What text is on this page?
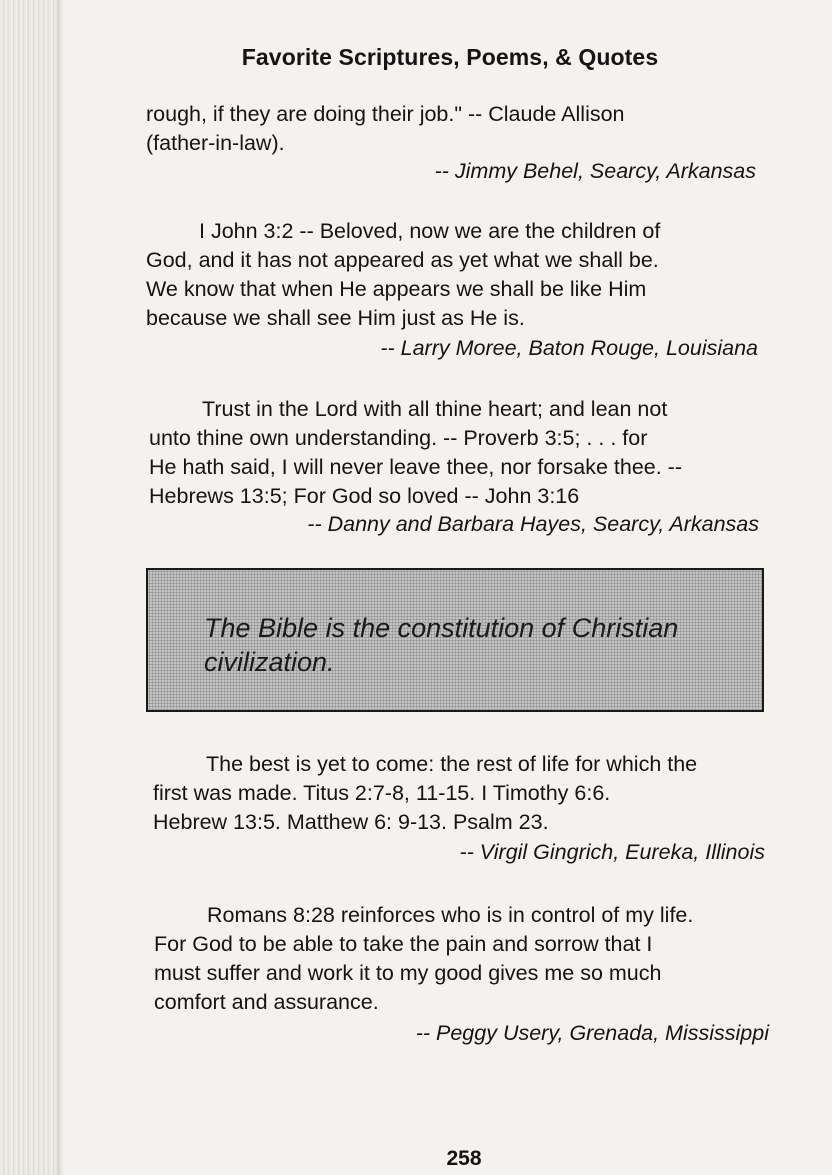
Favorite Scriptures, Poems, & Quotes

rough, if they are doing their job." -- Claude Allison
(father-in-law).

-- Jimmy Behel, Searcy, Arkansas

I John 3:2 -- Beloved, now we are the children of
God, and it has not appeared as yet what we shall be.
We know that when He appears we shall be like Him
because we shall see Him just as He is.

-- Larry Moree, Baton Rouge, Louisiana

Trust in the Lord with all thine heart; and lean not
unto thine own understanding. -- Proverb 3:5; . . . for
He hath said, I will never leave thee, nor forsake thee. --
Hebrews 13:5; For God so loved -- John 3:16

-- Danny and Barbara Hayes, Searcy, Arkansas
The Bible is the constitution of Christian
civilization.

The best is yet to come: the rest of life for which the
first was made. Titus 2:7-8, 11-15. I Timothy 6:6.
Hebrew 13:5. Matthew 6: 9-13. Psalm 23.

-- Virgil Gingrich, Eureka, Illinois

Romans 8:28 reinforces who is in control of my life.
For God to be able to take the pain and sorrow that I
must suffer and work it to my good gives me so much
comfort and assurance.

-- Peggy Usery, Grenada, Mississippi
258
